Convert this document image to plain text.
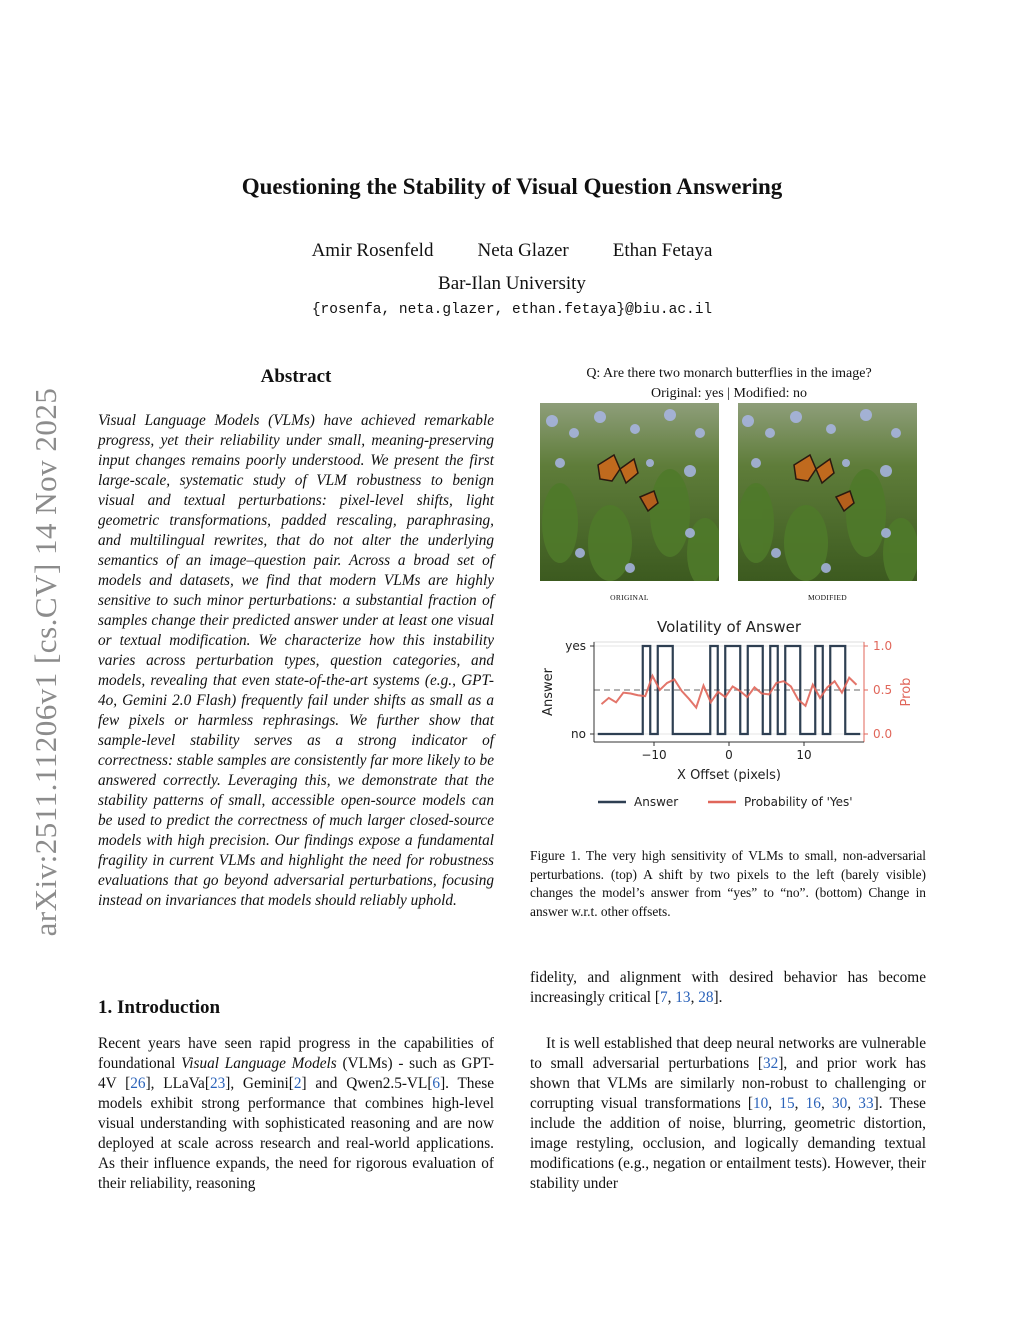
arXiv:2511.11206v1 [cs.CV] 14 Nov 2025
Questioning the Stability of Visual Question Answering
Amir Rosenfeld Neta Glazer Ethan Fetaya
Bar-Ilan University
{rosenfa, neta.glazer, ethan.fetaya}@biu.ac.il
Abstract
Visual Language Models (VLMs) have achieved remarkable progress, yet their reliability under small, meaning-preserving input changes remains poorly understood. We present the first large-scale, systematic study of VLM robustness to benign visual and textual perturbations: pixel-level shifts, light geometric transformations, padded rescaling, paraphrasing, and multilingual rewrites, that do not alter the underlying semantics of an image–question pair. Across a broad set of models and datasets, we find that modern VLMs are highly sensitive to such minor perturbations: a substantial fraction of samples change their predicted answer under at least one visual or textual modification. We characterize how this instability varies across perturbation types, question categories, and models, revealing that even state-of-the-art systems (e.g., GPT-4o, Gemini 2.0 Flash) frequently fail under shifts as small as a few pixels or harmless rephrasings. We further show that sample-level stability serves as a strong indicator of correctness: stable samples are consistently far more likely to be answered correctly. Leveraging this, we demonstrate that the stability patterns of small, accessible open-source models can be used to predict the correctness of much larger closed-source models with high precision. Our findings expose a fundamental fragility in current VLMs and highlight the need for robustness evaluations that go beyond adversarial perturbations, focusing instead on invariances that models should reliably uphold.
1. Introduction
Recent years have seen rapid progress in the capabilities of foundational Visual Language Models (VLMs) - such as GPT-4V [26], LLaVa[23], Gemini[2] and Qwen2.5-VL[6]. These models exhibit strong performance that combines high-level visual understanding with sophisticated reasoning and are now deployed at scale across research and real-world applications. As their influence expands, the need for rigorous evaluation of their reliability, reasoning
Q: Are there two monarch butterflies in the image?
Original: yes | Modified: no
ORIGINAL	MODIFIED
Volatility of Answer
yes
no
Answer
0.0
0.5
1.0
Prob
−10	0	10
X Offset (pixels)
Answer	Probability of 'Yes'
Figure 1. The very high sensitivity of VLMs to small, non-adversarial perturbations. (top) A shift by two pixels to the left (barely visible) changes the model’s answer from “yes” to “no”. (bottom) Change in answer w.r.t. other offsets.
fidelity, and alignment with desired behavior has become increasingly critical [7, 13, 28].
It is well established that deep neural networks are vulnerable to small adversarial perturbations [32], and prior work has shown that VLMs are similarly non-robust to challenging or corrupting visual transformations [10, 15, 16, 30, 33]. These include the addition of noise, blurring, geometric distortion, image restyling, occlusion, and logically demanding textual modifications (e.g., negation or entailment tests). However, their stability under
